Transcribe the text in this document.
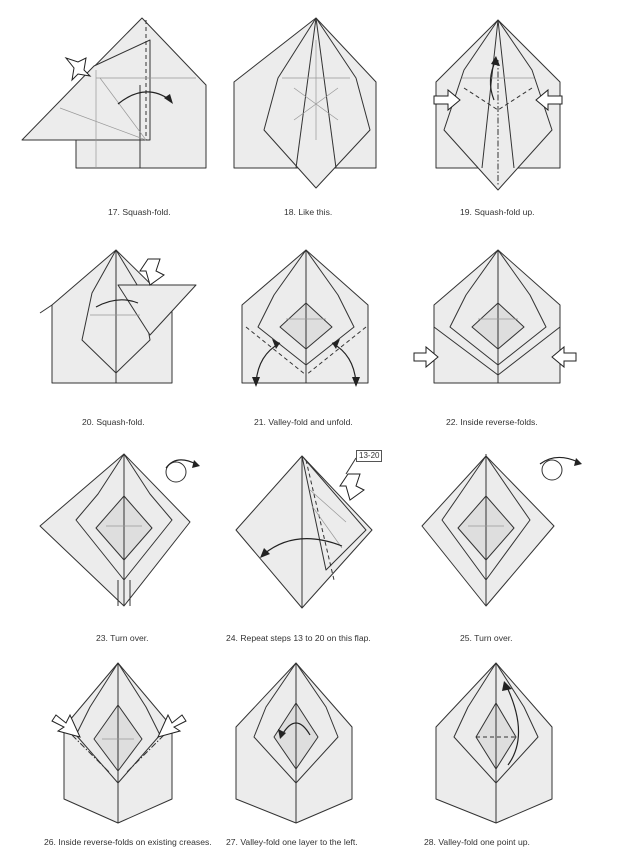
17. Squash-fold.	18. Like this.	19. Squash-fold up.
20. Squash-fold.	21. Valley-fold and unfold.	22. Inside reverse-folds.
23. Turn over.
13-20
24. Repeat steps 13 to 20 on this flap.	25. Turn over.
26. Inside reverse-folds on existing creases.	27. Valley-fold one layer to the left.	28. Valley-fold one point up.
